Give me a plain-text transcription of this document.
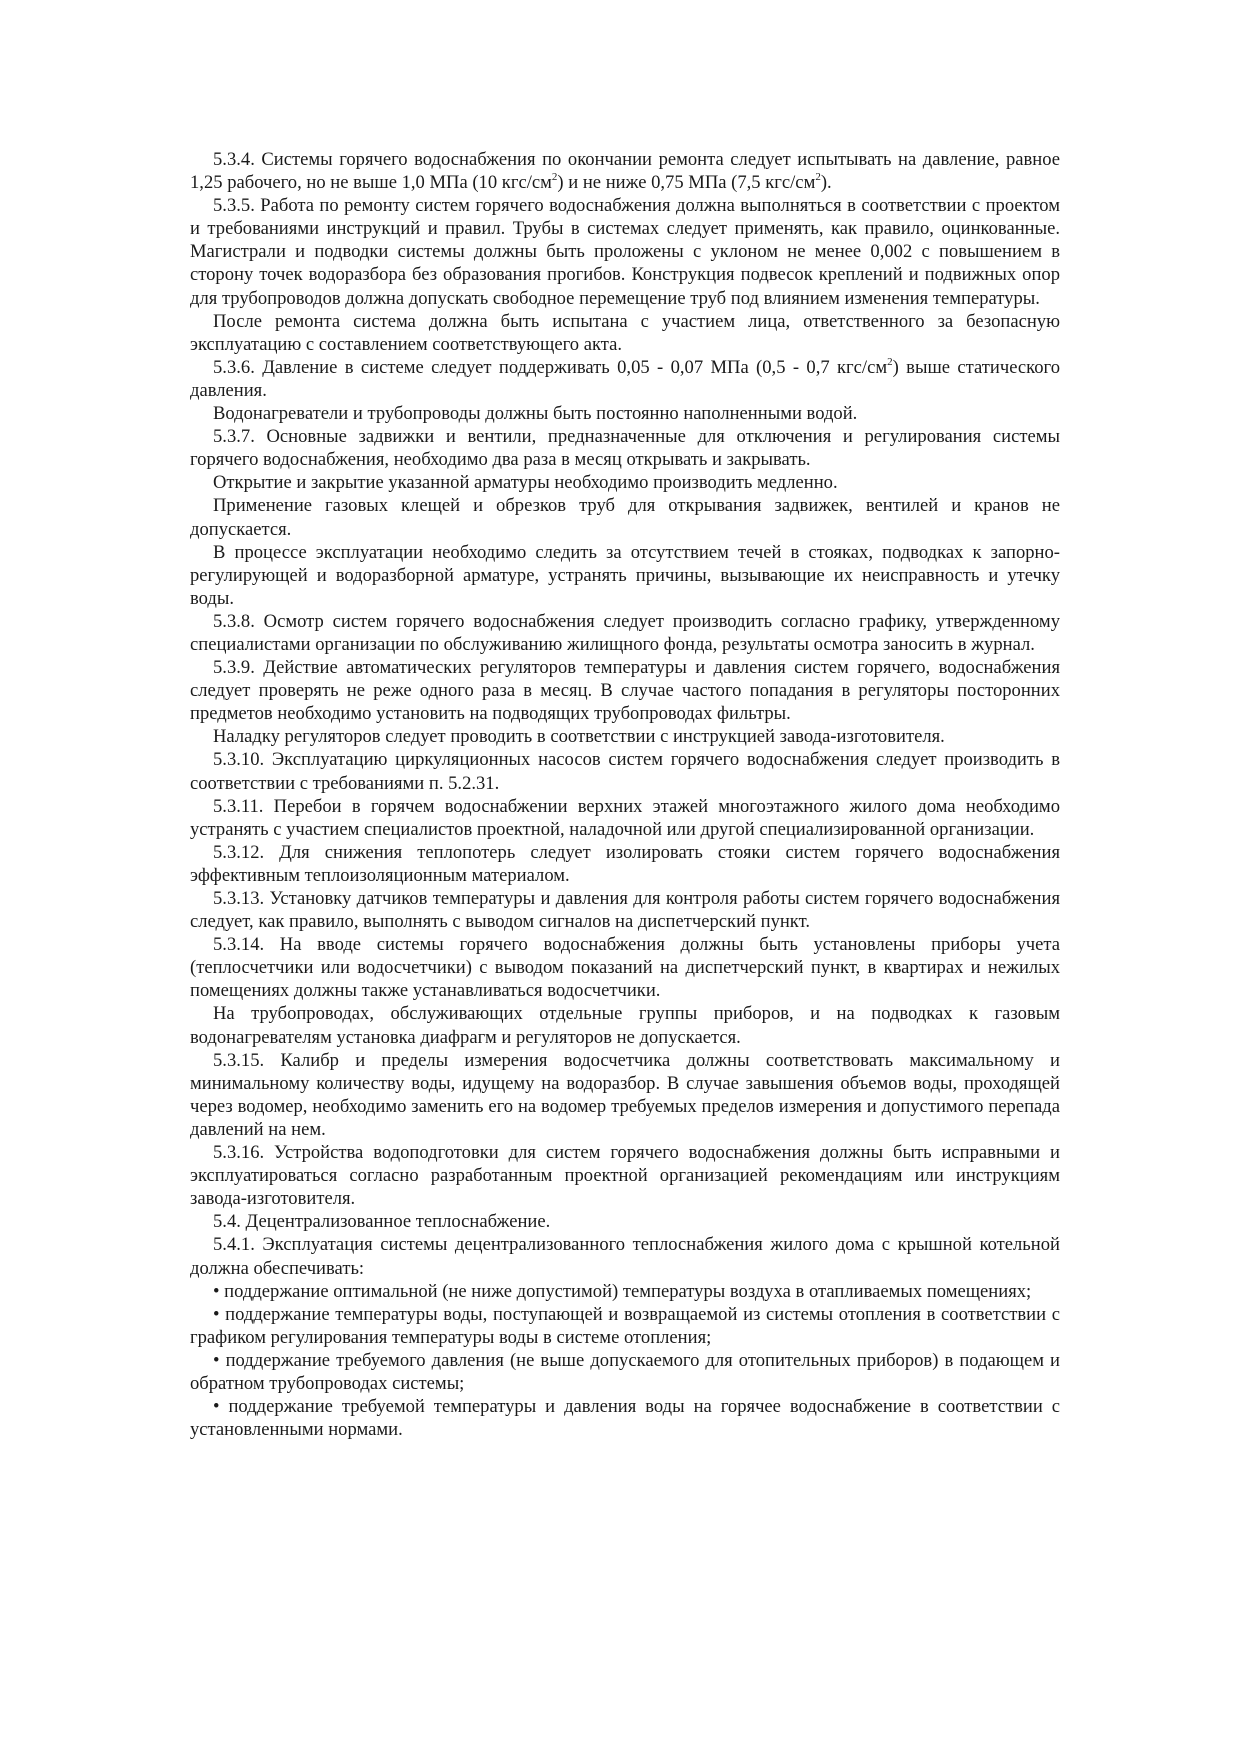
5.3.4. Системы горячего водоснабжения по окончании ремонта следует испытывать на давление, равное 1,25 рабочего, но не выше 1,0 МПа (10 кгс/$см^2$) и не ниже 0,75 МПа (7,5 кгс/$см^2$).

5.3.5. Работа по ремонту систем горячего водоснабжения должна выполняться в соответствии с проектом и требованиями инструкций и правил. Трубы в системах следует применять, как правило, оцинкованные. Магистрали и подводки системы должны быть проложены с уклоном не менее 0,002 с повышением в сторону точек водоразбора без образования прогибов. Конструкция подвесок креплений и подвижных опор для трубопроводов должна допускать свободное перемещение труб под влиянием изменения температуры.

После ремонта система должна быть испытана с участием лица, ответственного за безопасную эксплуатацию с составлением соответствующего акта.

5.3.6. Давление в системе следует поддерживать 0,05 - 0,07 МПа (0,5 - 0,7 кгс/$см^2$) выше статического давления.

Водонагреватели и трубопроводы должны быть постоянно наполненными водой.

5.3.7. Основные задвижки и вентили, предназначенные для отключения и регулирования системы горячего водоснабжения, необходимо два раза в месяц открывать и закрывать.

Открытие и закрытие указанной арматуры необходимо производить медленно.

Применение газовых клещей и обрезков труб для открывания задвижек, вентилей и кранов не допускается.

В процессе эксплуатации необходимо следить за отсутствием течей в стояках, подводках к запорно-регулирующей и водоразборной арматуре, устранять причины, вызывающие их неисправность и утечку воды.

5.3.8. Осмотр систем горячего водоснабжения следует производить согласно графику, утвержденному специалистами организации по обслуживанию жилищного фонда, результаты осмотра заносить в журнал.

5.3.9. Действие автоматических регуляторов температуры и давления систем горячего, водоснабжения следует проверять не реже одного раза в месяц. В случае частого попадания в регуляторы посторонних предметов необходимо установить на подводящих трубопроводах фильтры.

Наладку регуляторов следует проводить в соответствии с инструкцией завода-изготовителя.

5.3.10. Эксплуатацию циркуляционных насосов систем горячего водоснабжения следует производить в соответствии с требованиями п. 5.2.31.

5.3.11. Перебои в горячем водоснабжении верхних этажей многоэтажного жилого дома необходимо устранять с участием специалистов проектной, наладочной или другой специализированной организации.

5.3.12. Для снижения теплопотерь следует изолировать стояки систем горячего водоснабжения эффективным теплоизоляционным материалом.

5.3.13. Установку датчиков температуры и давления для контроля работы систем горячего водоснабжения следует, как правило, выполнять с выводом сигналов на диспетчерский пункт.

5.3.14. На вводе системы горячего водоснабжения должны быть установлены приборы учета (теплосчетчики или водосчетчики) с выводом показаний на диспетчерский пункт, в квартирах и нежилых помещениях должны также устанавливаться водосчетчики.

На трубопроводах, обслуживающих отдельные группы приборов, и на подводках к газовым водонагревателям установка диафрагм и регуляторов не допускается.

5.3.15. Калибр и пределы измерения водосчетчика должны соответствовать максимальному и минимальному количеству воды, идущему на водоразбор. В случае завышения объемов воды, проходящей через водомер, необходимо заменить его на водомер требуемых пределов измерения и допустимого перепада давлений на нем.

5.3.16. Устройства водоподготовки для систем горячего водоснабжения должны быть исправными и эксплуатироваться согласно разработанным проектной организацией рекомендациям или инструкциям завода-изготовителя.

5.4. Децентрализованное теплоснабжение.

5.4.1. Эксплуатация системы децентрализованного теплоснабжения жилого дома с крышной котельной должна обеспечивать:

• поддержание оптимальной (не ниже допустимой) температуры воздуха в отапливаемых помещениях;

• поддержание температуры воды, поступающей и возвращаемой из системы отопления в соответствии с графиком регулирования температуры воды в системе отопления;

• поддержание требуемого давления (не выше допускаемого для отопительных приборов) в подающем и обратном трубопроводах системы;

• поддержание требуемой температуры и давления воды на горячее водоснабжение в соответствии с установленными нормами.
